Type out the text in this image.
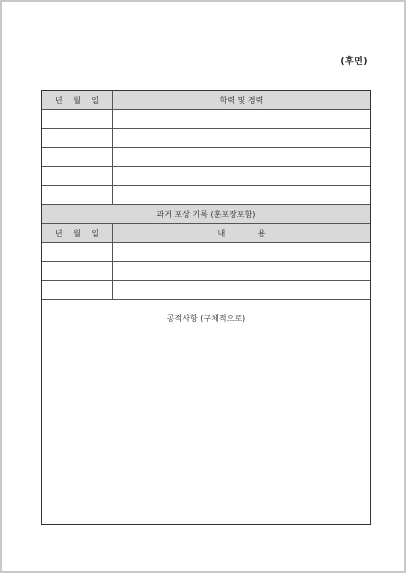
(후면)
년 월 일	학력 및 경력
과거 포상 기록 (훈포장포함)
년 월 일	내 용
공적사항 (구체적으로)
